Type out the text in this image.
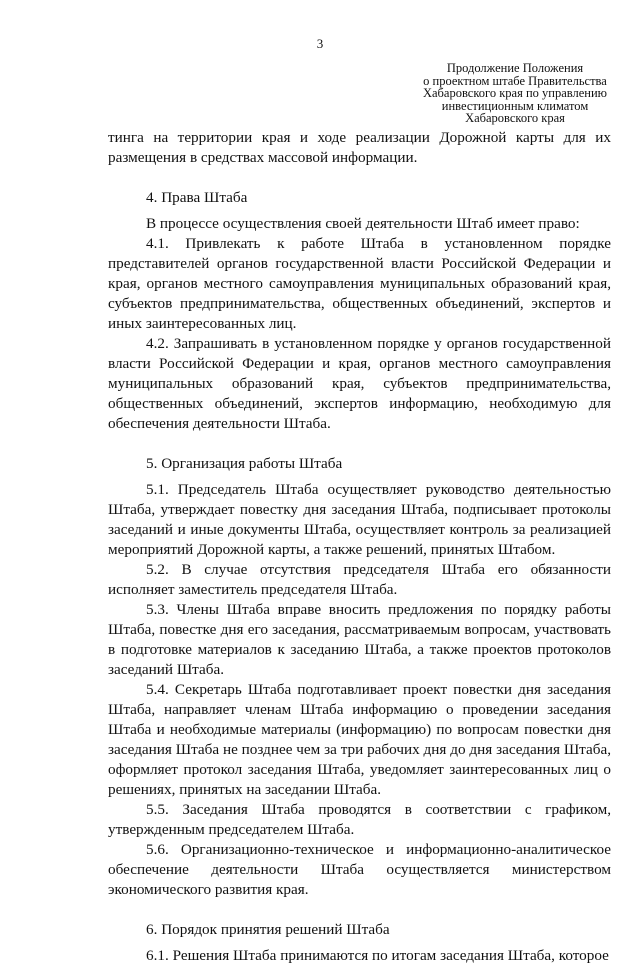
3
Продолжение Положения
о проектном штабе Правительства
Хабаровского края по управлению
инвестиционным климатом
Хабаровского края

тинга на территории края и ходе реализации Дорожной карты для их размещения в средствах массовой информации.

4. Права Штаба

В процессе осуществления своей деятельности Штаб имеет право:

4.1. Привлекать к работе Штаба в установленном порядке представителей органов государственной власти Российской Федерации и края, органов местного самоуправления муниципальных образований края, субъектов предпринимательства, общественных объединений, экспертов и иных заинтересованных лиц.

4.2. Запрашивать в установленном порядке у органов государственной власти Российской Федерации и края, органов местного самоуправления муниципальных образований края, субъектов предпринимательства, общественных объединений, экспертов информацию, необходимую для обеспечения деятельности Штаба.

5. Организация работы Штаба

5.1. Председатель Штаба осуществляет руководство деятельностью Штаба, утверждает повестку дня заседания Штаба, подписывает протоколы заседаний и иные документы Штаба, осуществляет контроль за реализацией мероприятий Дорожной карты, а также решений, принятых Штабом.

5.2. В случае отсутствия председателя Штаба его обязанности исполняет заместитель председателя Штаба.

5.3. Члены Штаба вправе вносить предложения по порядку работы Штаба, повестке дня его заседания, рассматриваемым вопросам, участвовать в подготовке материалов к заседанию Штаба, а также проектов протоколов заседаний Штаба.

5.4. Секретарь Штаба подготавливает проект повестки дня заседания Штаба, направляет членам Штаба информацию о проведении заседания Штаба и необходимые материалы (информацию) по вопросам повестки дня заседания Штаба не позднее чем за три рабочих дня до дня заседания Штаба, оформляет протокол заседания Штаба, уведомляет заинтересованных лиц о решениях, принятых на заседании Штаба.

5.5. Заседания Штаба проводятся в соответствии с графиком, утвержденным председателем Штаба.

5.6. Организационно-техническое и информационно-аналитическое обеспечение деятельности Штаба осуществляется министерством экономического развития края.

6. Порядок принятия решений Штаба

6.1. Решения Штаба принимаются по итогам заседания Штаба, которое
